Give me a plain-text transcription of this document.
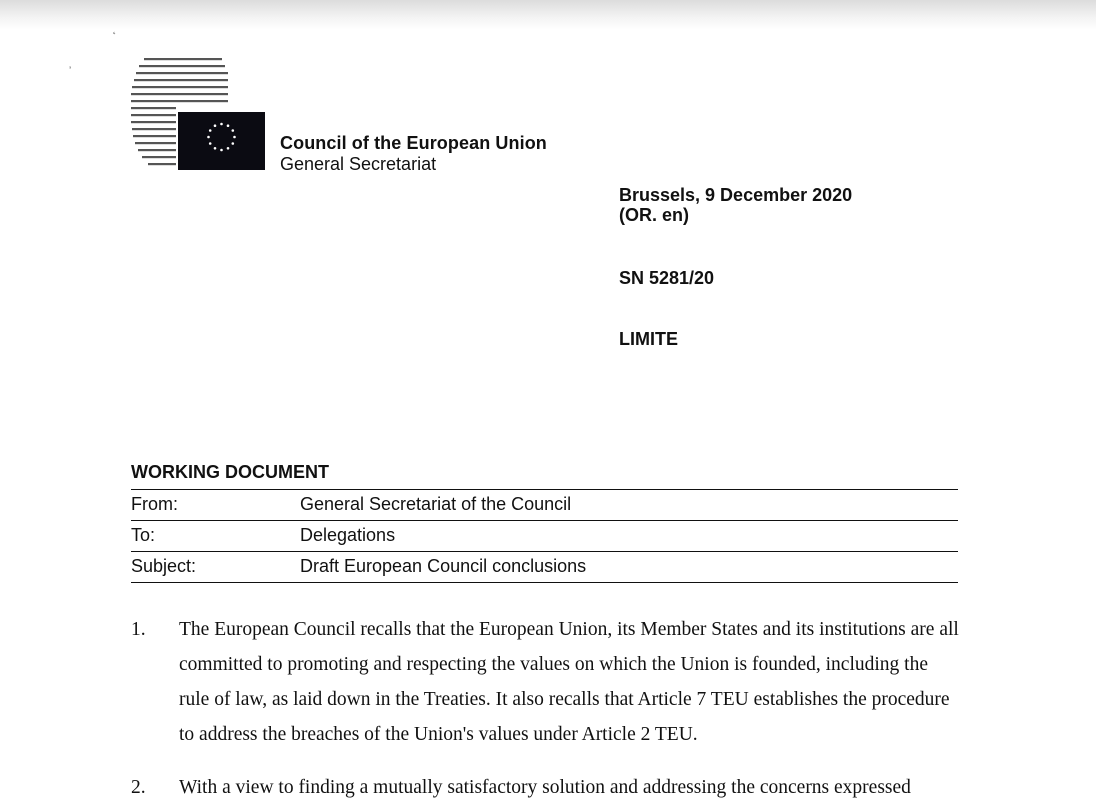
˛
ʼ
Council of the European Union
General Secretariat
Brussels, 9 December 2020
(OR. en)
SN 5281/20
LIMITE
WORKING DOCUMENT
From:	General Secretariat of the Council
To:	Delegations
Subject:	Draft European Council conclusions
1. The European Council recalls that the European Union, its Member States and its institutions are all committed to promoting and respecting the values on which the Union is founded, including the rule of law, as laid down in the Treaties. It also recalls that Article 7 TEU establishes the procedure to address the breaches of the Union's values under Article 2 TEU.
2. With a view to finding a mutually satisfactory solution and addressing the concerns expressed
